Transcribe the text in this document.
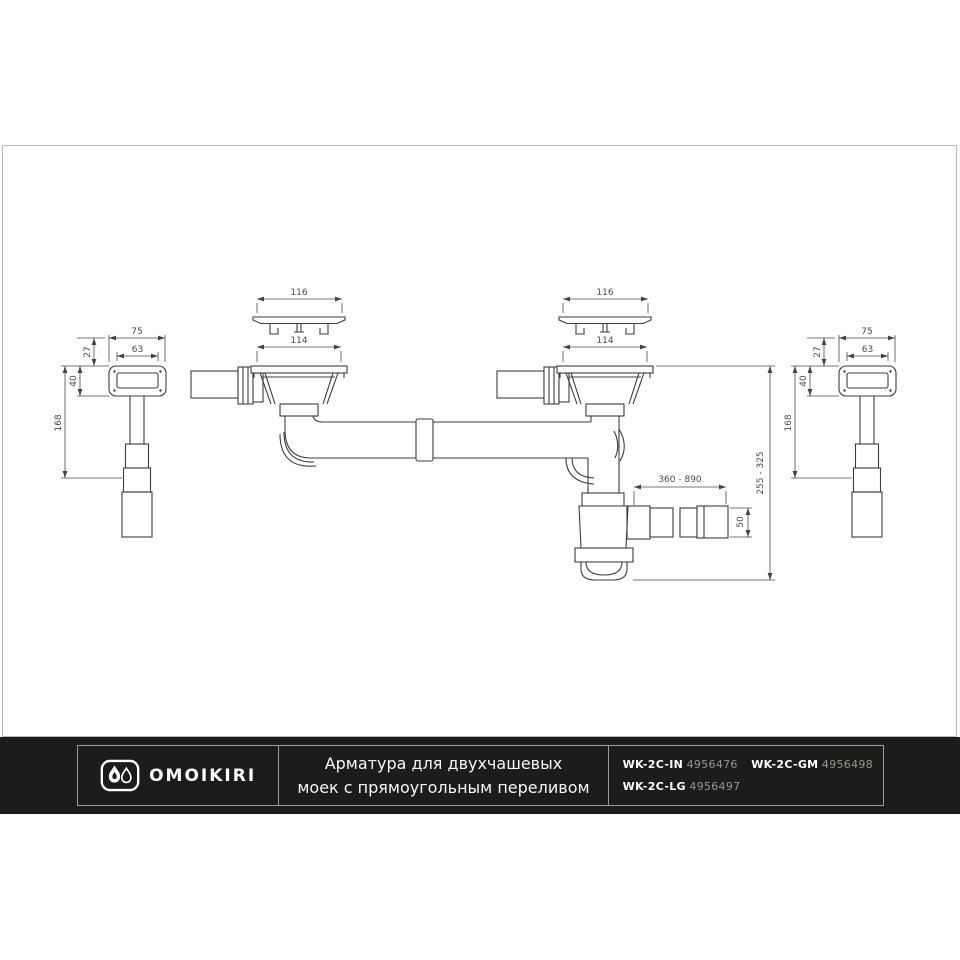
75
63
27
40
168
75
63
27
40
168
116
114
116
114
360 - 890
50
255 - 325
OMOIKIRI
Арматура для двухчашевых
моек с прямоугольным переливом
WK-2C-IN 4956476 WK-2C-GM 4956498
WK-2C-LG 4956497
